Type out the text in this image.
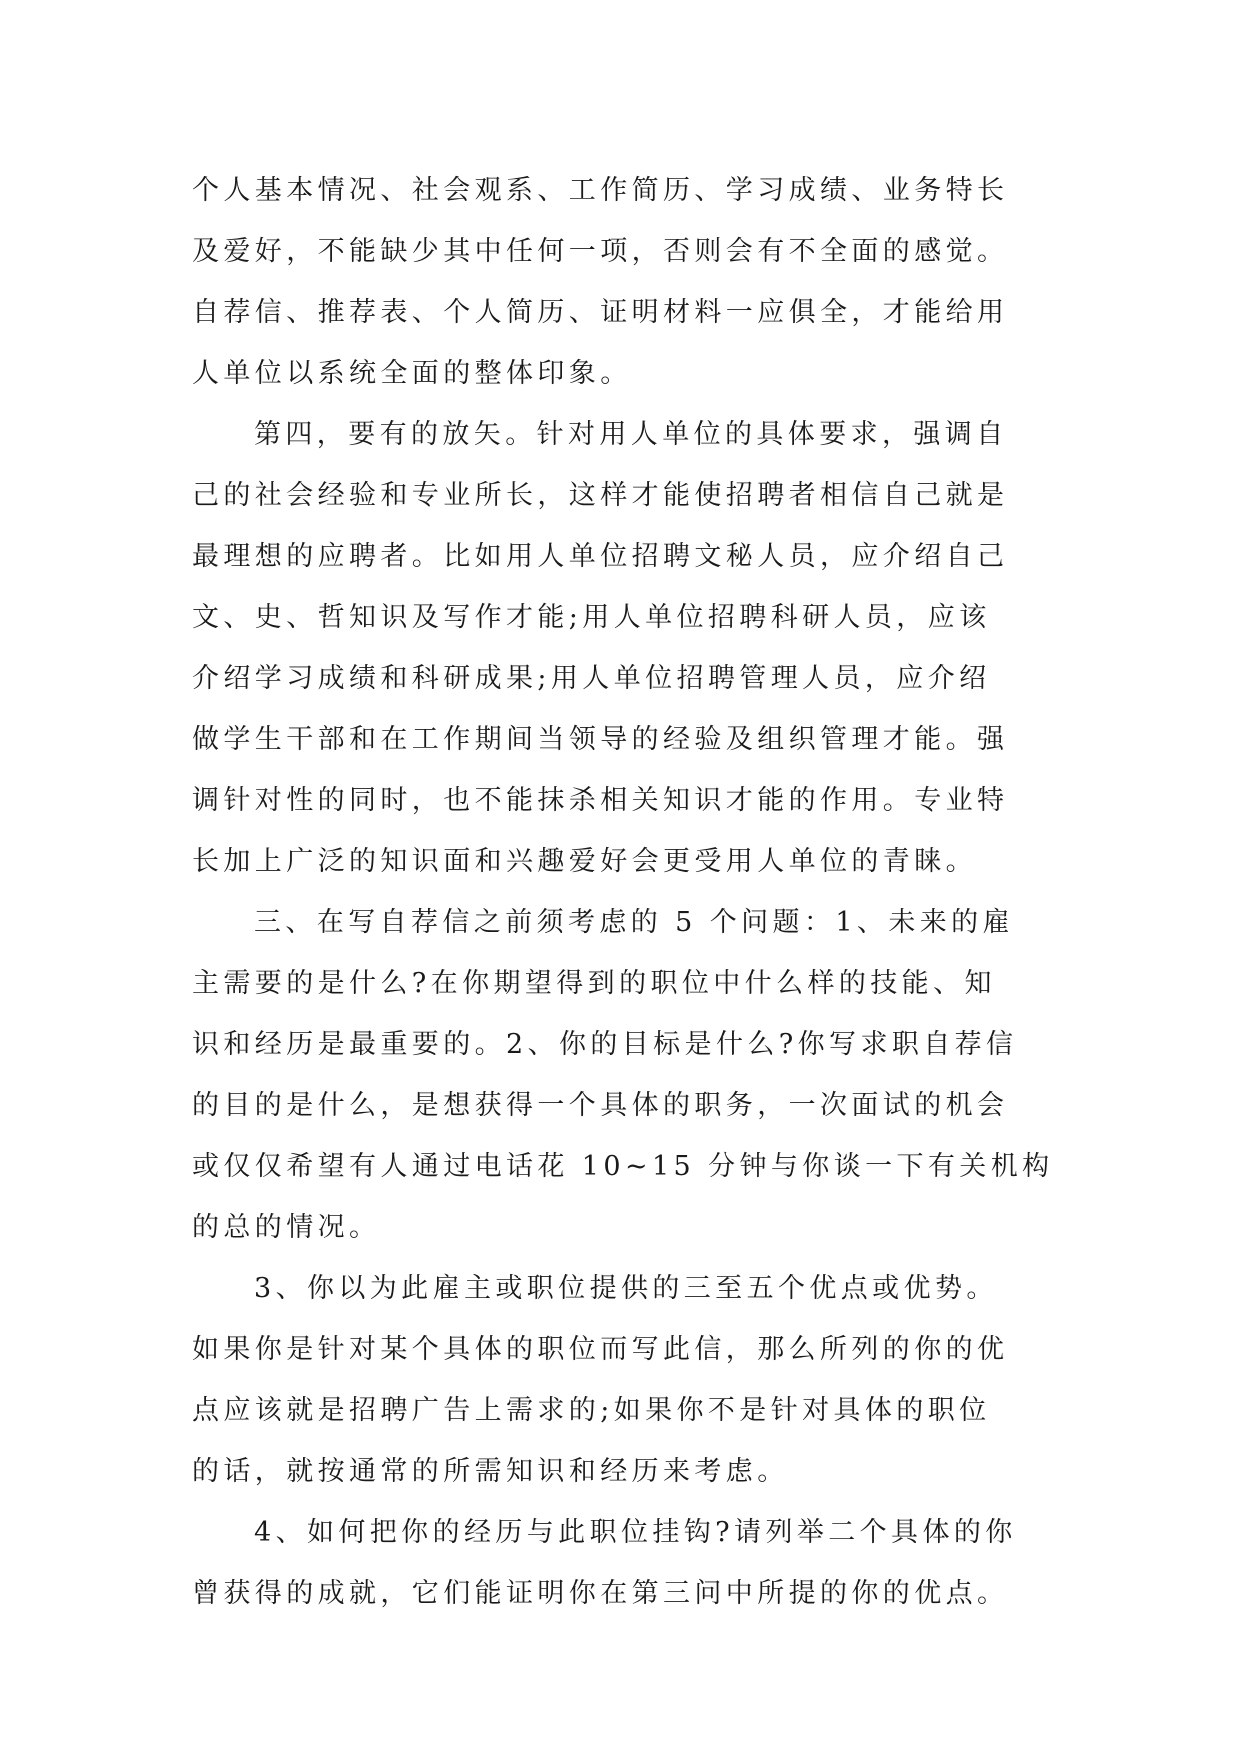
个人基本情况、社会观系、工作简历、学习成绩、业务特长
及爱好，不能缺少其中任何一项，否则会有不全面的感觉。
自荐信、推荐表、个人简历、证明材料一应俱全，才能给用
人单位以系统全面的整体印象。
第四，要有的放矢。针对用人单位的具体要求，强调自
己的社会经验和专业所长，这样才能使招聘者相信自己就是
最理想的应聘者。比如用人单位招聘文秘人员，应介绍自己
文、史、哲知识及写作才能;用人单位招聘科研人员，应该
介绍学习成绩和科研成果;用人单位招聘管理人员，应介绍
做学生干部和在工作期间当领导的经验及组织管理才能。强
调针对性的同时，也不能抹杀相关知识才能的作用。专业特
长加上广泛的知识面和兴趣爱好会更受用人单位的青睐。
三、在写自荐信之前须考虑的 5 个问题：1、未来的雇
主需要的是什么?在你期望得到的职位中什么样的技能、知
识和经历是最重要的。2、你的目标是什么?你写求职自荐信
的目的是什么，是想获得一个具体的职务，一次面试的机会
或仅仅希望有人通过电话花 10~15 分钟与你谈一下有关机构
的总的情况。
3、你以为此雇主或职位提供的三至五个优点或优势。
如果你是针对某个具体的职位而写此信，那么所列的你的优
点应该就是招聘广告上需求的;如果你不是针对具体的职位
的话，就按通常的所需知识和经历来考虑。
4、如何把你的经历与此职位挂钩?请列举二个具体的你
曾获得的成就，它们能证明你在第三问中所提的你的优点。
